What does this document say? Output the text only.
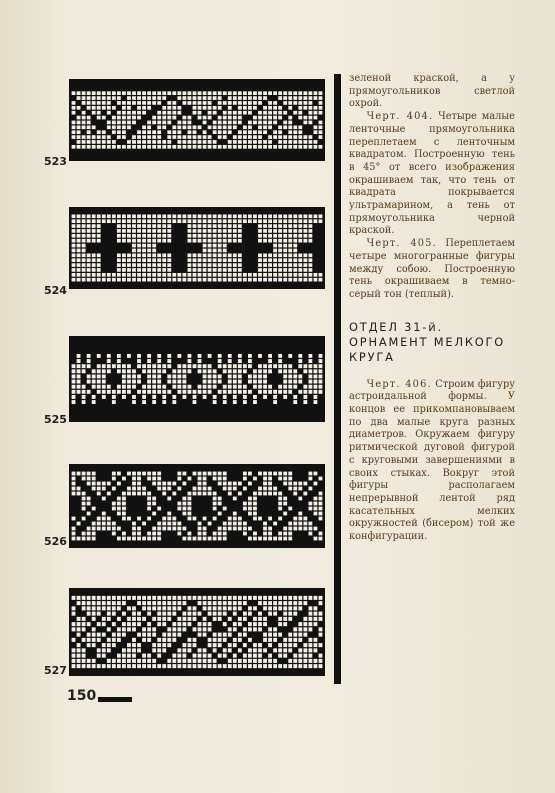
523
524
525
526
527

зеленой краской, а у прямоугольников светлой охрой.

Черт. 404. Четыре малые ленточные прямоугольника переплетаем с ленточным квадратом. Построенную тень в 45° от всего изображения окрашиваем так, что тень от квадрата покрывается ультрамарином, а тень от прямоугольника черной краской.

Черт. 405. Переплетаем четыре многогранные фигуры между собою. Построенную тень окрашиваем в темно-серый тон (теплый).

ОТДЕЛ 31-й. ОРНАМЕНТ МЕЛКОГО КРУГА

Черт. 406. Строим фигуру астроидальной формы. У концов ее прикомпановываем по два малые круга разных диаметров. Окружаем фигуру ритмической дуговой фигурой с круговыми завершениями в своих стыках. Вокруг этой фигуры располагаем непрерывной лентой ряд касательных мелких окружностей (бисером) той же конфигурации.

150
